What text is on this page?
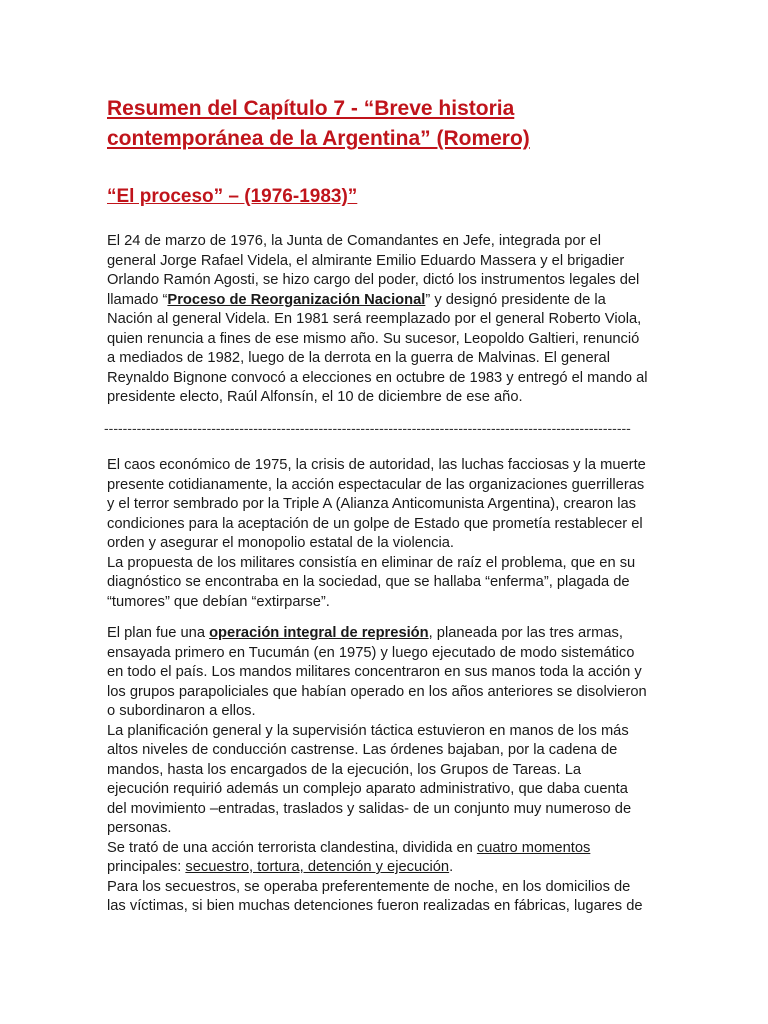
Resumen del Capítulo 7 - “Breve historia
contemporánea de la Argentina” (Romero)
“El proceso” – (1976-1983)”
El 24 de marzo de 1976, la Junta de Comandantes en Jefe, integrada por el
general Jorge Rafael Videla, el almirante Emilio Eduardo Massera y el brigadier
Orlando Ramón Agosti, se hizo cargo del poder, dictó los instrumentos legales del
llamado “Proceso de Reorganización Nacional” y designó presidente de la
Nación al general Videla. En 1981 será reemplazado por el general Roberto Viola,
quien renuncia a fines de ese mismo año. Su sucesor, Leopoldo Galtieri, renunció
a mediados de 1982, luego de la derrota en la guerra de Malvinas. El general
Reynaldo Bignone convocó a elecciones en octubre de 1983 y entregó el mando al
presidente electo, Raúl Alfonsín, el 10 de diciembre de ese año.
-----------------------------------------------------------------------------------------------------------------
El caos económico de 1975, la crisis de autoridad, las luchas facciosas y la muerte
presente cotidianamente, la acción espectacular de las organizaciones guerrilleras
y el terror sembrado por la Triple A (Alianza Anticomunista Argentina), crearon las
condiciones para la aceptación de un golpe de Estado que prometía restablecer el
orden y asegurar el monopolio estatal de la violencia.
La propuesta de los militares consistía en eliminar de raíz el problema, que en su
diagnóstico se encontraba en la sociedad, que se hallaba “enferma”, plagada de
“tumores” que debían “extirparse”.
El plan fue una operación integral de represión, planeada por las tres armas,
ensayada primero en Tucumán (en 1975) y luego ejecutado de modo sistemático
en todo el país. Los mandos militares concentraron en sus manos toda la acción y
los grupos parapoliciales que habían operado en los años anteriores se disolvieron
o subordinaron a ellos.
La planificación general y la supervisión táctica estuvieron en manos de los más
altos niveles de conducción castrense. Las órdenes bajaban, por la cadena de
mandos, hasta los encargados de la ejecución, los Grupos de Tareas. La
ejecución requirió además un complejo aparato administrativo, que daba cuenta
del movimiento –entradas, traslados y salidas- de un conjunto muy numeroso de
personas.
Se trató de una acción terrorista clandestina, dividida en cuatro momentos
principales: secuestro, tortura, detención y ejecución.
Para los secuestros, se operaba preferentemente de noche, en los domicilios de
las víctimas, si bien muchas detenciones fueron realizadas en fábricas, lugares de
